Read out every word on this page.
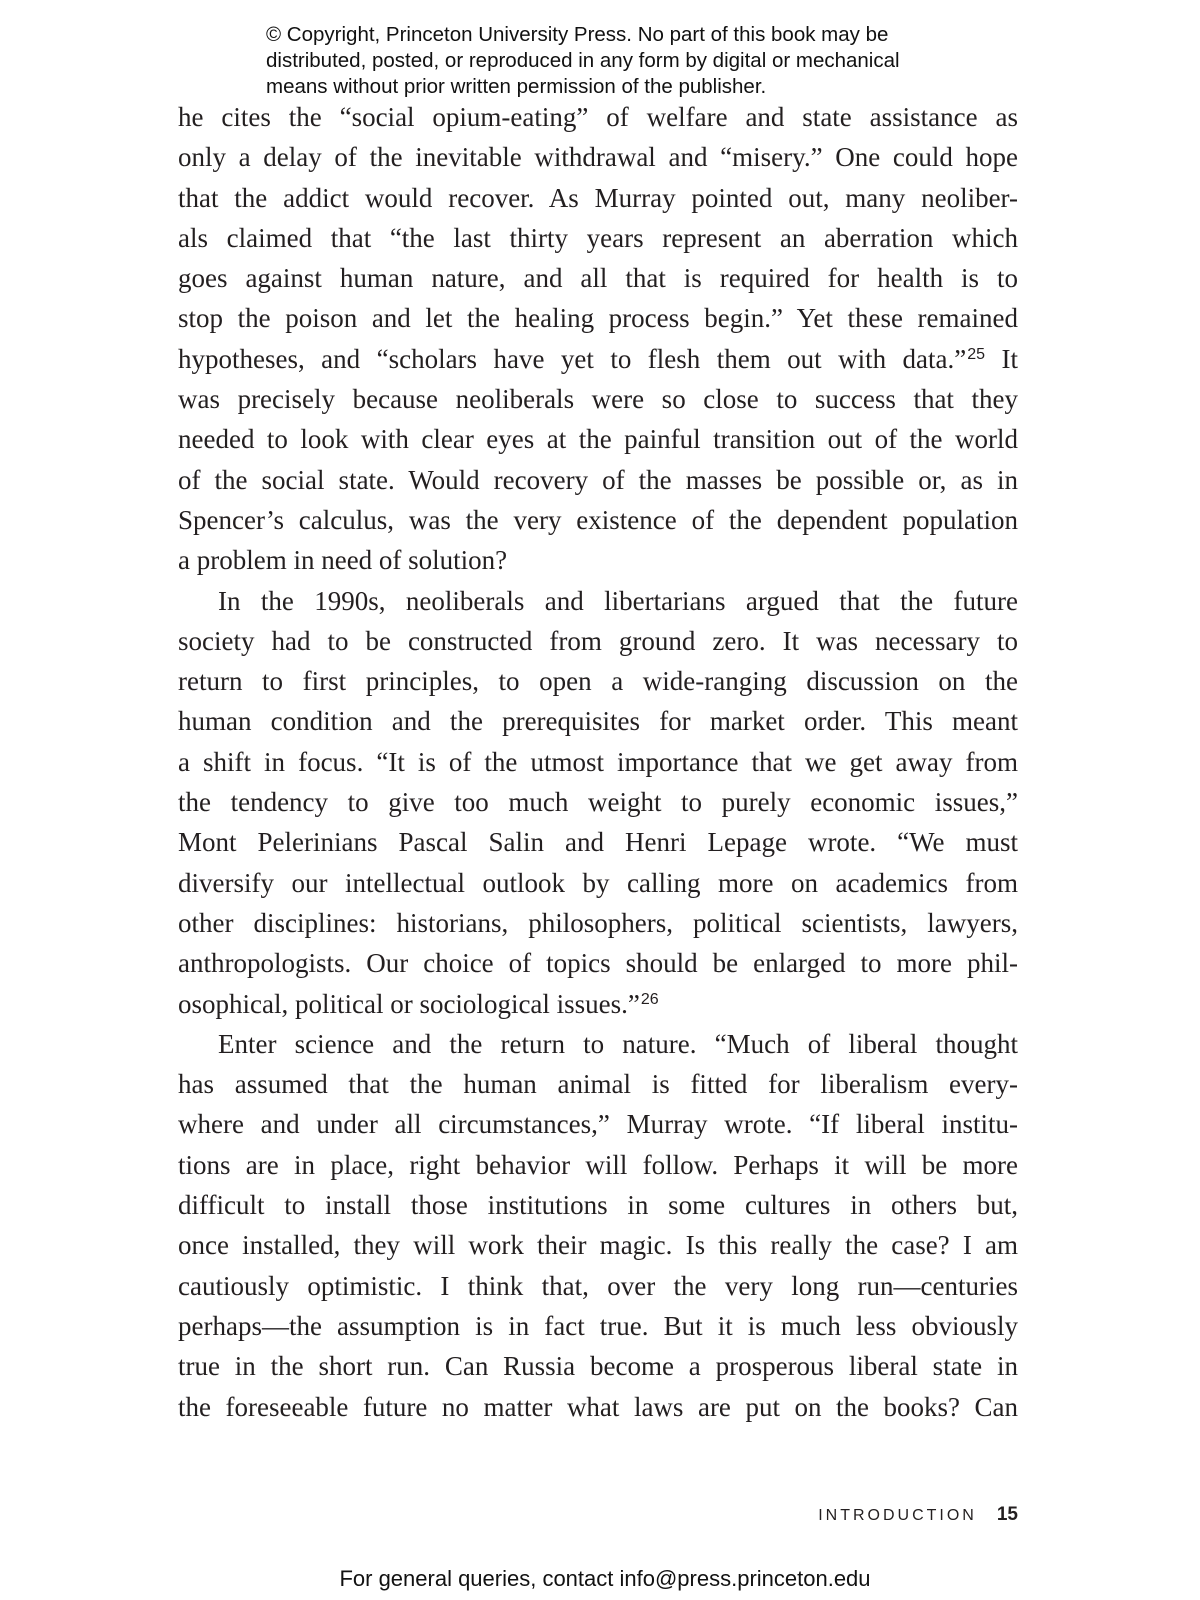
© Copyright, Princeton University Press. No part of this book may be
distributed, posted, or reproduced in any form by digital or mechanical
means without prior written permission of the publisher.
he cites the “social opium-eating” of welfare and state assistance as
only a delay of the inevitable withdrawal and “misery.” One could hope
that the addict would recover. As Murray pointed out, many neoliber-
als claimed that “the last thirty years represent an aberration which
goes against human nature, and all that is required for health is to
stop the poison and let the healing process begin.” Yet these remained
hypotheses, and “scholars have yet to flesh them out with data.”$^{25}$ It
was precisely because neoliberals were so close to success that they
needed to look with clear eyes at the painful transition out of the world
of the social state. Would recovery of the masses be possible or, as in
Spencer’s calculus, was the very existence of the dependent population
a problem in need of solution?
In the 1990s, neoliberals and libertarians argued that the future
society had to be constructed from ground zero. It was necessary to
return to first principles, to open a wide-ranging discussion on the
human condition and the prerequisites for market order. This meant
a shift in focus. “It is of the utmost importance that we get away from
the tendency to give too much weight to purely economic issues,”
Mont Pelerinians Pascal Salin and Henri Lepage wrote. “We must
diversify our intellectual outlook by calling more on academics from
other disciplines: historians, philosophers, political scientists, lawyers,
anthropologists. Our choice of topics should be enlarged to more phil-
osophical, political or sociological issues.”$^{26}$
Enter science and the return to nature. “Much of liberal thought
has assumed that the human animal is fitted for liberalism every-
where and under all circumstances,” Murray wrote. “If liberal institu-
tions are in place, right behavior will follow. Perhaps it will be more
difficult to install those institutions in some cultures in others but,
once installed, they will work their magic. Is this really the case? I am
cautiously optimistic. I think that, over the very long run—centuries
perhaps—the assumption is in fact true. But it is much less obviously
true in the short run. Can Russia become a prosperous liberal state in
the foreseeable future no matter what laws are put on the books? Can
INTRODUCTION 15
For general queries, contact info@press.princeton.edu
